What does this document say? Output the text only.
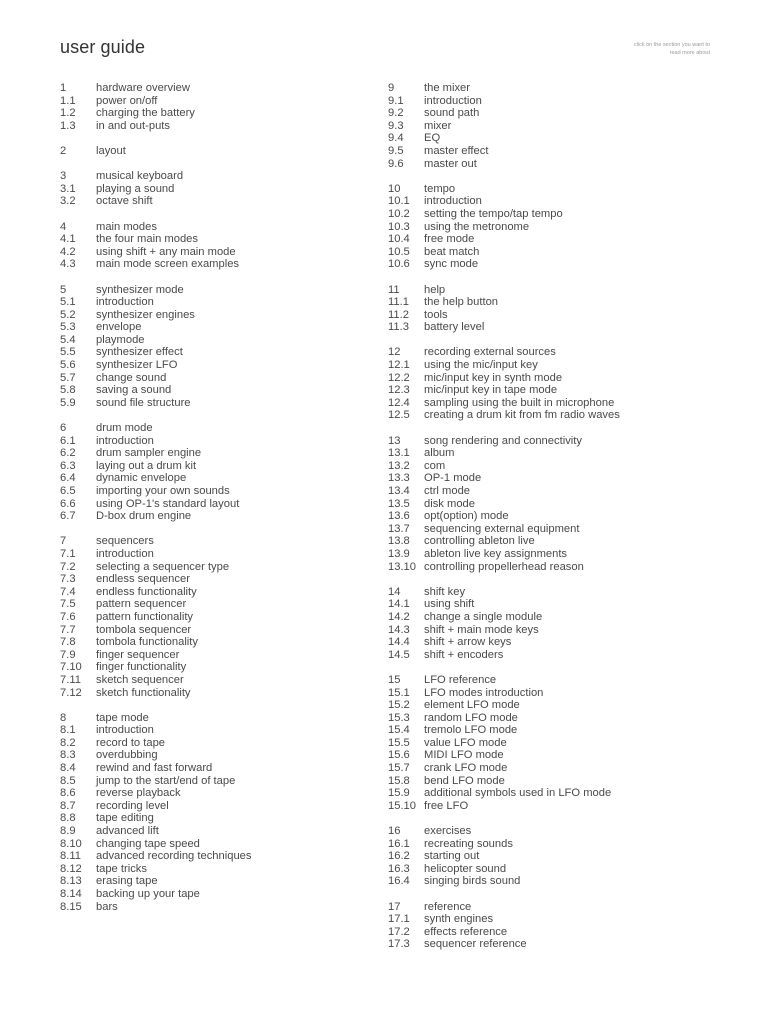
user guide	click on the section you want to read more about
1	hardware overview
1.1	power on/off
1.2	charging the battery
1.3	in and out-puts
2	layout
3	musical keyboard
3.1	playing a sound
3.2	octave shift
4	main modes
4.1	the four main modes
4.2	using shift + any main mode
4.3	main mode screen examples
5	synthesizer mode
5.1	introduction
5.2	synthesizer engines
5.3	envelope
5.4	playmode
5.5	synthesizer effect
5.6	synthesizer LFO
5.7	change sound
5.8	saving a sound
5.9	sound file structure
6	drum mode
6.1	introduction
6.2	drum sampler engine
6.3	laying out a drum kit
6.4	dynamic envelope
6.5	importing your own sounds
6.6	using OP-1's standard layout
6.7	D-box drum engine
7	sequencers
7.1	introduction
7.2	selecting a sequencer type
7.3	endless sequencer
7.4	endless functionality
7.5	pattern sequencer
7.6	pattern functionality
7.7	tombola sequencer
7.8	tombola functionality
7.9	finger sequencer
7.10	finger functionality
7.11	sketch sequencer
7.12	sketch functionality
8	tape mode
8.1	introduction
8.2	record to tape
8.3	overdubbing
8.4	rewind and fast forward
8.5	jump to the start/end of tape
8.6	reverse playback
8.7	recording level
8.8	tape editing
8.9	advanced lift
8.10	changing tape speed
8.11	advanced recording techniques
8.12	tape tricks
8.13	erasing tape
8.14	backing up your tape
8.15	bars
9	the mixer
9.1	introduction
9.2	sound path
9.3	mixer
9.4	EQ
9.5	master effect
9.6	master out
10	tempo
10.1	introduction
10.2	setting the tempo/tap tempo
10.3	using the metronome
10.4	free mode
10.5	beat match
10.6	sync mode
11	help
11.1	the help button
11.2	tools
11.3	battery level
12	recording external sources
12.1	using the mic/input key
12.2	mic/input key in synth mode
12.3	mic/input key in tape mode
12.4	sampling using the built in microphone
12.5	creating a drum kit from fm radio waves
13	song rendering and connectivity
13.1	album
13.2	com
13.3	OP-1 mode
13.4	ctrl mode
13.5	disk mode
13.6	opt(option) mode
13.7	sequencing external equipment
13.8	controlling ableton live
13.9	ableton live key assignments
13.10 controlling propellerhead reason
14	shift key
14.1	using shift
14.2	change a single module
14.3	shift + main mode keys
14.4	shift + arrow keys
14.5	shift + encoders
15	LFO reference
15.1	LFO modes introduction
15.2	element LFO mode
15.3	random LFO mode
15.4	tremolo LFO mode
15.5	value LFO mode
15.6	MIDI LFO mode
15.7	crank LFO mode
15.8	bend LFO mode
15.9	additional symbols used in LFO mode
15.10 free LFO
16	exercises
16.1	recreating sounds
16.2	starting out
16.3	helicopter sound
16.4	singing birds sound
17	reference
17.1	synth engines
17.2	effects reference
17.3	sequencer reference
